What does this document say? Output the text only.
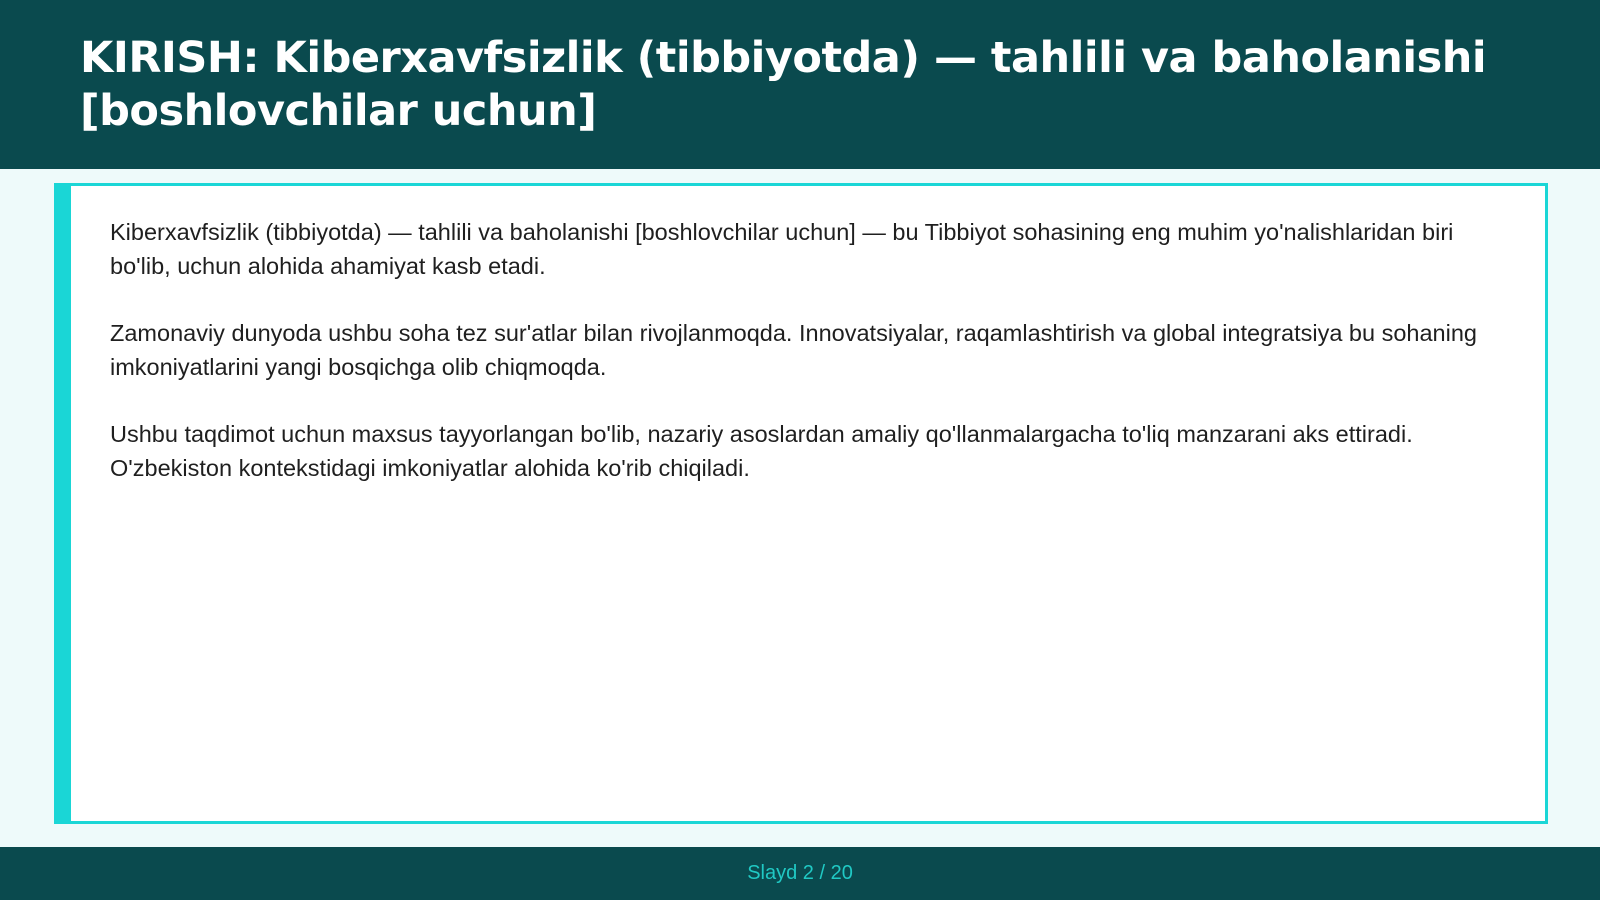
KIRISH: Kiberxavfsizlik (tibbiyotda) — tahlili va baholanishi [boshlovchilar uchun]

Kiberxavfsizlik (tibbiyotda) — tahlili va baholanishi [boshlovchilar uchun] — bu Tibbiyot sohasining eng muhim yo'nalishlaridan biri bo'lib, uchun alohida ahamiyat kasb etadi.

Zamonaviy dunyoda ushbu soha tez sur'atlar bilan rivojlanmoqda. Innovatsiyalar, raqamlashtirish va global integratsiya bu sohaning imkoniyatlarini yangi bosqichga olib chiqmoqda.

Ushbu taqdimot uchun maxsus tayyorlangan bo'lib, nazariy asoslardan amaliy qo'llanmalargacha to'liq manzarani aks ettiradi. O'zbekiston kontekstidagi imkoniyatlar alohida ko'rib chiqiladi.

Slayd 2 / 20
